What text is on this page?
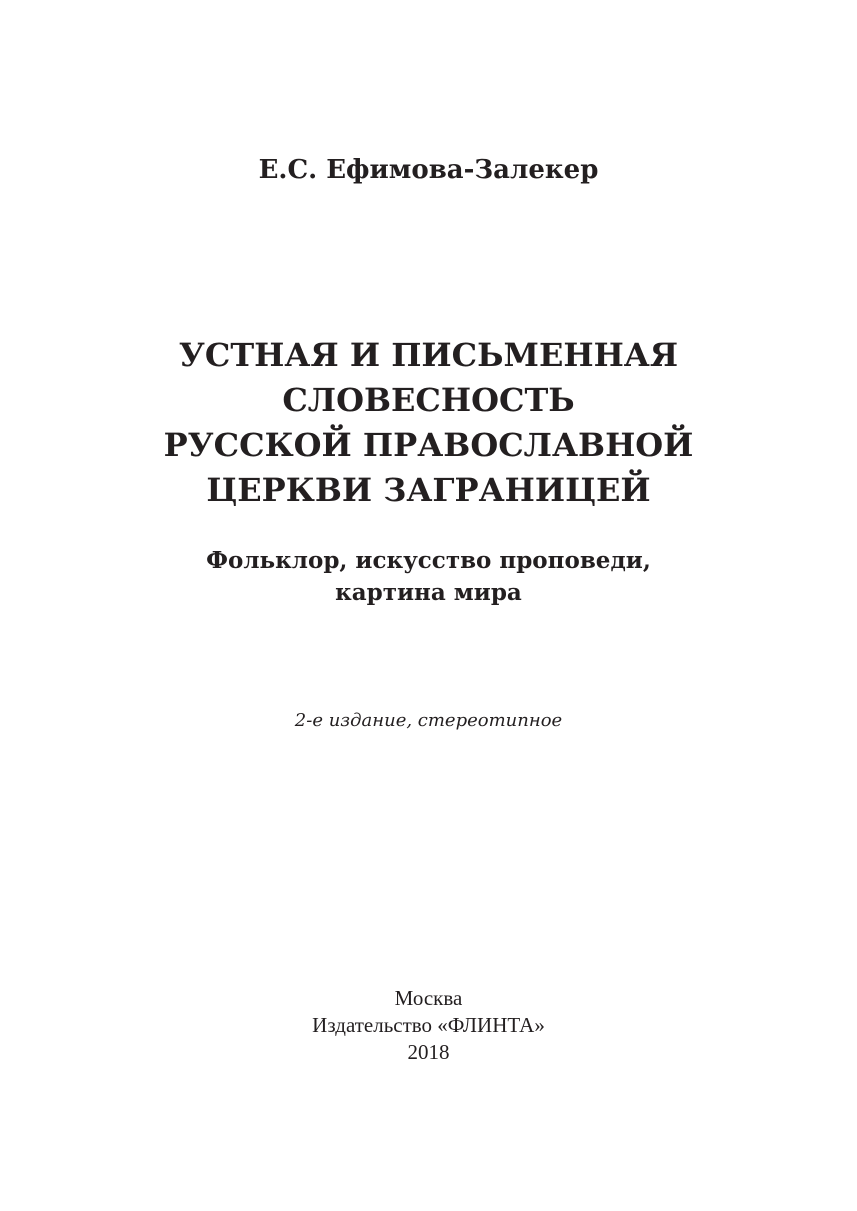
Е.С. Ефимова-Залекер
УСТНАЯ И ПИСЬМЕННАЯ
СЛОВЕСНОСТЬ
РУССКОЙ ПРАВОСЛАВНОЙ
ЦЕРКВИ ЗАГРАНИЦЕЙ
Фольклор, искусство проповеди,
картина мира
2-е издание, стереотипное
Москва
Издательство «ФЛИНТА»
2018
